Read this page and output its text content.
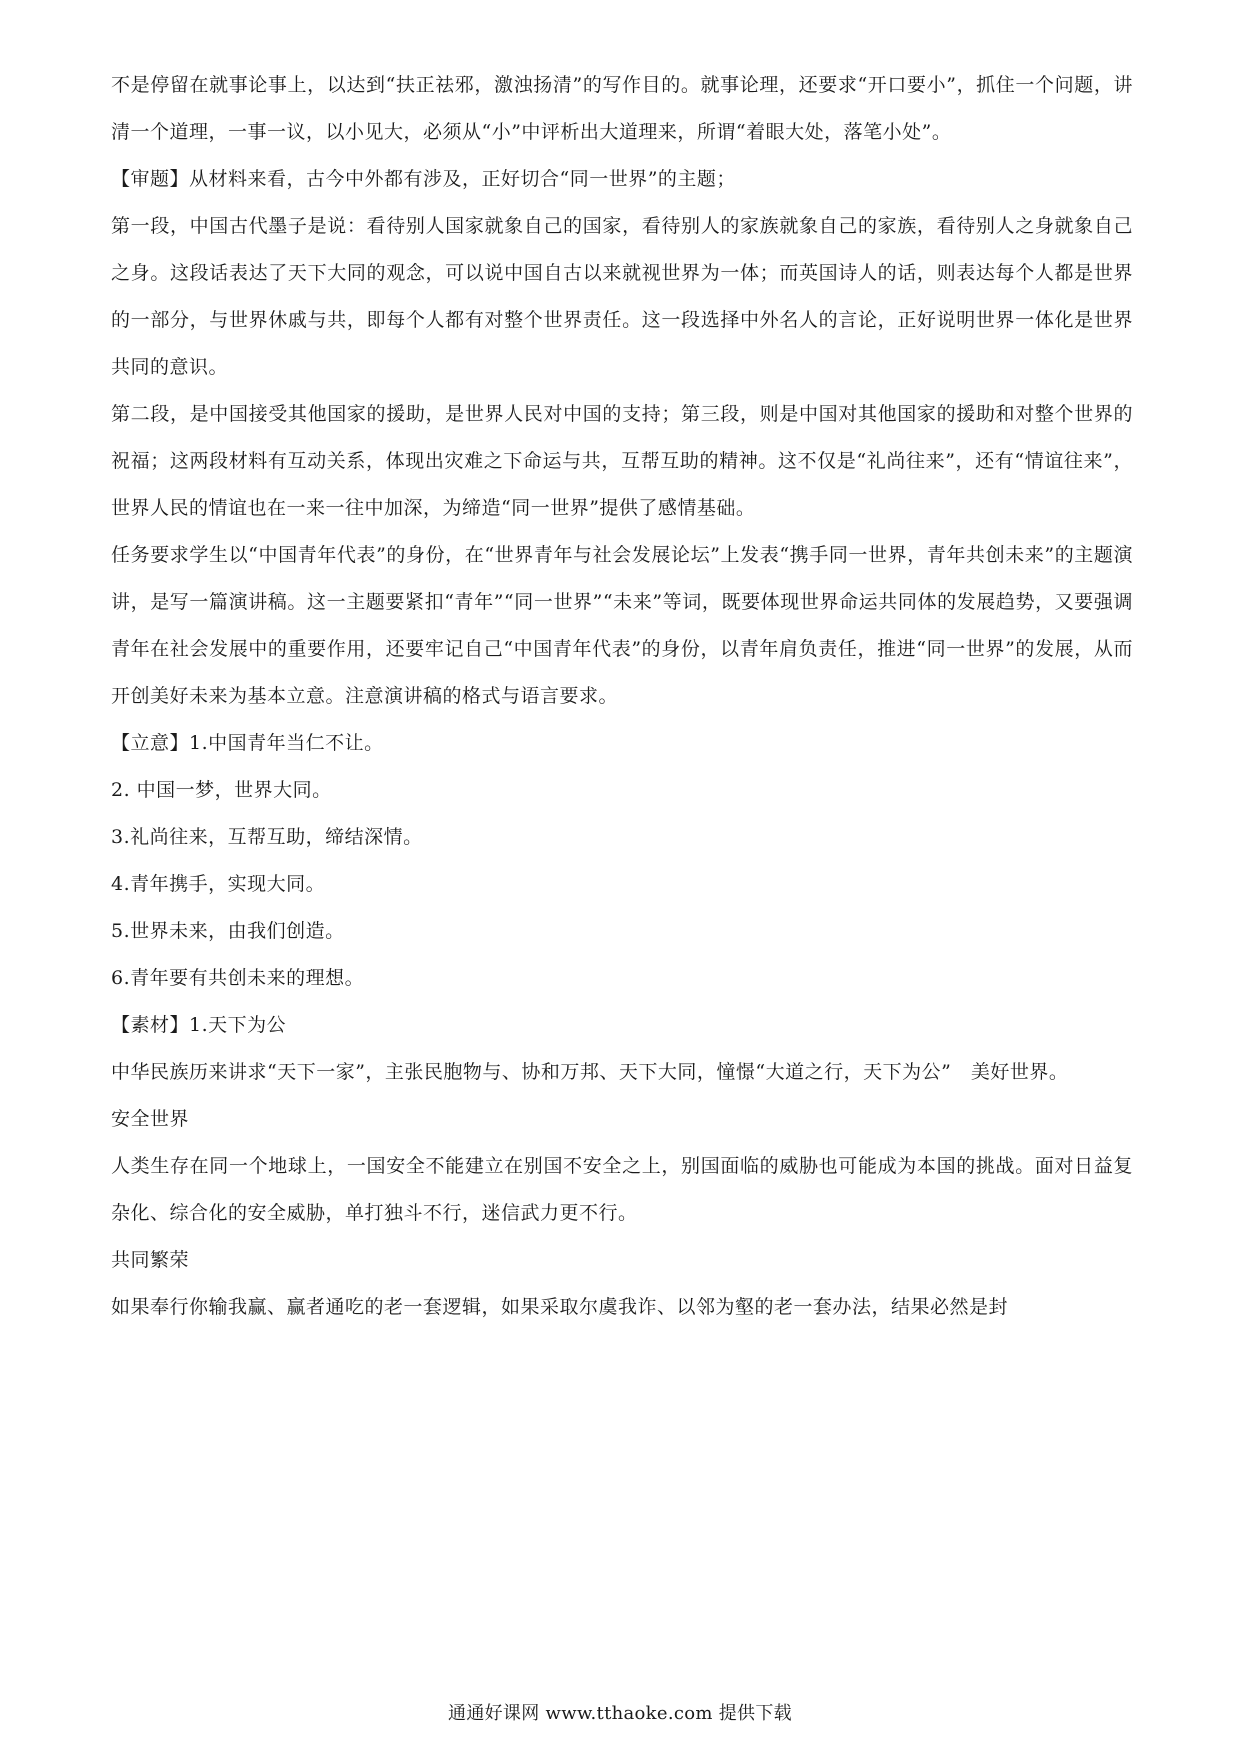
不是停留在就事论事上，以达到“扶正祛邪，激浊扬清”的写作目的。就事论理，还要求“开口要小”，抓住一个问题，讲清一个道理，一事一议，以小见大，必须从“小”中评析出大道理来，所谓“着眼大处，落笔小处”。

【审题】从材料来看，古今中外都有涉及，正好切合“同一世界”的主题；

第一段，中国古代墨子是说：看待别人国家就象自己的国家，看待别人的家族就象自己的家族，看待别人之身就象自己之身。这段话表达了天下大同的观念，可以说中国自古以来就视世界为一体；而英国诗人的话，则表达每个人都是世界的一部分，与世界休戚与共，即每个人都有对整个世界责任。这一段选择中外名人的言论，正好说明世界一体化是世界共同的意识。

第二段，是中国接受其他国家的援助，是世界人民对中国的支持；第三段，则是中国对其他国家的援助和对整个世界的祝福；这两段材料有互动关系，体现出灾难之下命运与共，互帮互助的精神。这不仅是“礼尚往来”，还有“情谊往来”，世界人民的情谊也在一来一往中加深，为缔造“同一世界”提供了感情基础。

任务要求学生以“中国青年代表”的身份，在“世界青年与社会发展论坛”上发表“携手同一世界，青年共创未来”的主题演讲，是写一篇演讲稿。这一主题要紧扣“青年”“同一世界”“未来”等词，既要体现世界命运共同体的发展趋势，又要强调青年在社会发展中的重要作用，还要牢记自己“中国青年代表”的身份，以青年肩负责任，推进“同一世界”的发展，从而开创美好未来为基本立意。注意演讲稿的格式与语言要求。

【立意】1.中国青年当仁不让。

2. 中国一梦，世界大同。

3.礼尚往来，互帮互助，缔结深情。

4.青年携手，实现大同。

5.世界未来，由我们创造。

6.青年要有共创未来的理想。

【素材】1.天下为公

中华民族历来讲求“天下一家”，主张民胞物与、协和万邦、天下大同，憧憬“大道之行，天下为公”　美好世界。

安全世界

人类生存在同一个地球上，一国安全不能建立在别国不安全之上，别国面临的威胁也可能成为本国的挑战。面对日益复杂化、综合化的安全威胁，单打独斗不行，迷信武力更不行。

共同繁荣

如果奉行你输我赢、赢者通吃的老一套逻辑，如果采取尔虞我诈、以邻为壑的老一套办法，结果必然是封

通通好课网 www.tthaoke.com 提供下载
